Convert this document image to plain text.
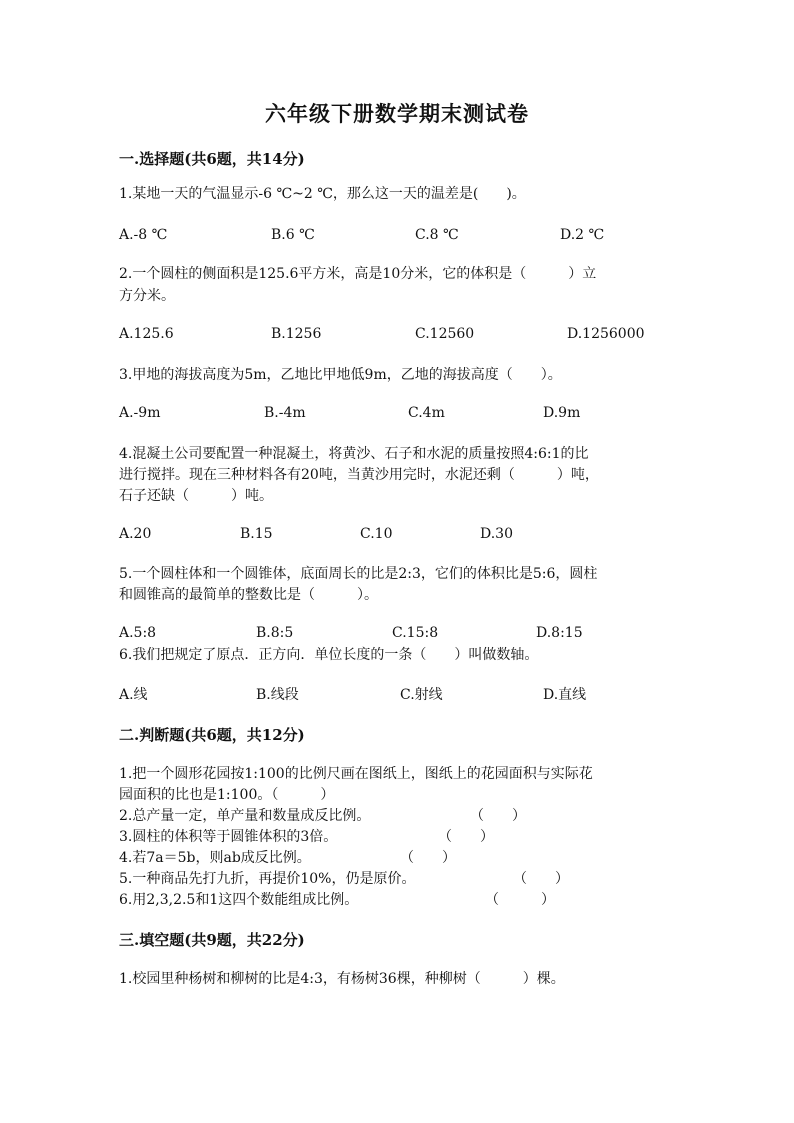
六年级下册数学期末测试卷
一.选择题(共6题，共14分)
1.某地一天的气温显示-6 ℃~2 ℃，那么这一天的温差是(　　)。
A.-8 ℃	B.6 ℃	C.8 ℃	D.2 ℃
2.一个圆柱的侧面积是125.6平方米，高是10分米，它的体积是（　　　）立
方分米。
A.125.6	B.1256	C.12560	D.1256000
3.甲地的海拔高度为5m，乙地比甲地低9m，乙地的海拔高度（　　）。
A.-9m	B.-4m	C.4m	D.9m
4.混凝土公司要配置一种混凝土，将黄沙、石子和水泥的质量按照4:6:1的比
进行搅拌。现在三种材料各有20吨，当黄沙用完时，水泥还剩（　　　）吨，
石子还缺（　　　）吨。
A.20	B.15	C.10	D.30
5.一个圆柱体和一个圆锥体，底面周长的比是2:3，它们的体积比是5:6，圆柱
和圆锥高的最简单的整数比是（　　　）。
A.5:8	B.8:5	C.15:8	D.8:15
6.我们把规定了原点．正方向．单位长度的一条（　　）叫做数轴。
A.线	B.线段	C.射线	D.直线
二.判断题(共6题，共12分)
1.把一个圆形花园按1:100的比例尺画在图纸上，图纸上的花园面积与实际花
园面积的比也是1:100。（　　　）
2.总产量一定，单产量和数量成反比例。	（　　）
3.圆柱的体积等于圆锥体积的3倍。	（　　）
4.若7a＝5b，则ab成反比例。	（　　）
5.一种商品先打九折，再提价10%，仍是原价。	（　　）
6.用2,3,2.5和1这四个数能组成比例。	（　　　）
三.填空题(共9题，共22分)
1.校园里种杨树和柳树的比是4:3，有杨树36棵，种柳树（　　　）棵。
